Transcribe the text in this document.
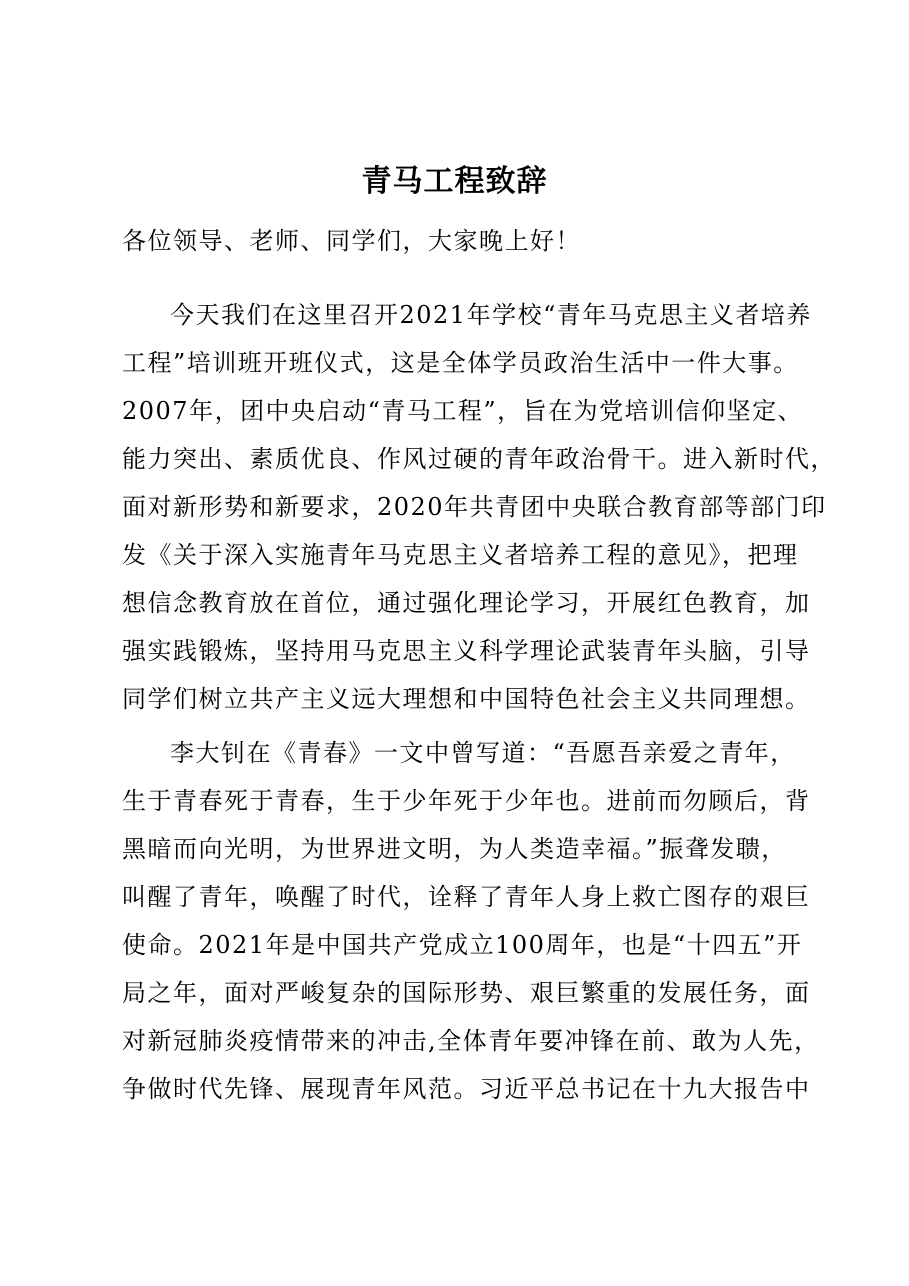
青马工程致辞

各位领导、老师、同学们，大家晚上好！

今天我们在这里召开2021年学校“青年马克思主义者培养

工程”培训班开班仪式，这是全体学员政治生活中一件大事。

2007年，团中央启动“青马工程”，旨在为党培训信仰坚定、

能力突出、素质优良、作风过硬的青年政治骨干。进入新时代，

面对新形势和新要求，2020年共青团中央联合教育部等部门印

发《关于深入实施青年马克思主义者培养工程的意见》，把理

想信念教育放在首位，通过强化理论学习，开展红色教育，加

强实践锻炼，坚持用马克思主义科学理论武装青年头脑，引导

同学们树立共产主义远大理想和中国特色社会主义共同理想。

李大钊在《青春》一文中曾写道：“吾愿吾亲爱之青年，

生于青春死于青春，生于少年死于少年也。进前而勿顾后，背

黑暗而向光明，为世界进文明，为人类造幸福。”振聋发聩，

叫醒了青年，唤醒了时代，诠释了青年人身上救亡图存的艰巨

使命。2021年是中国共产党成立100周年，也是“十四五”开

局之年，面对严峻复杂的国际形势、艰巨繁重的发展任务，面

对新冠肺炎疫情带来的冲击,全体青年要冲锋在前、敢为人先，

争做时代先锋、展现青年风范。习近平总书记在十九大报告中
